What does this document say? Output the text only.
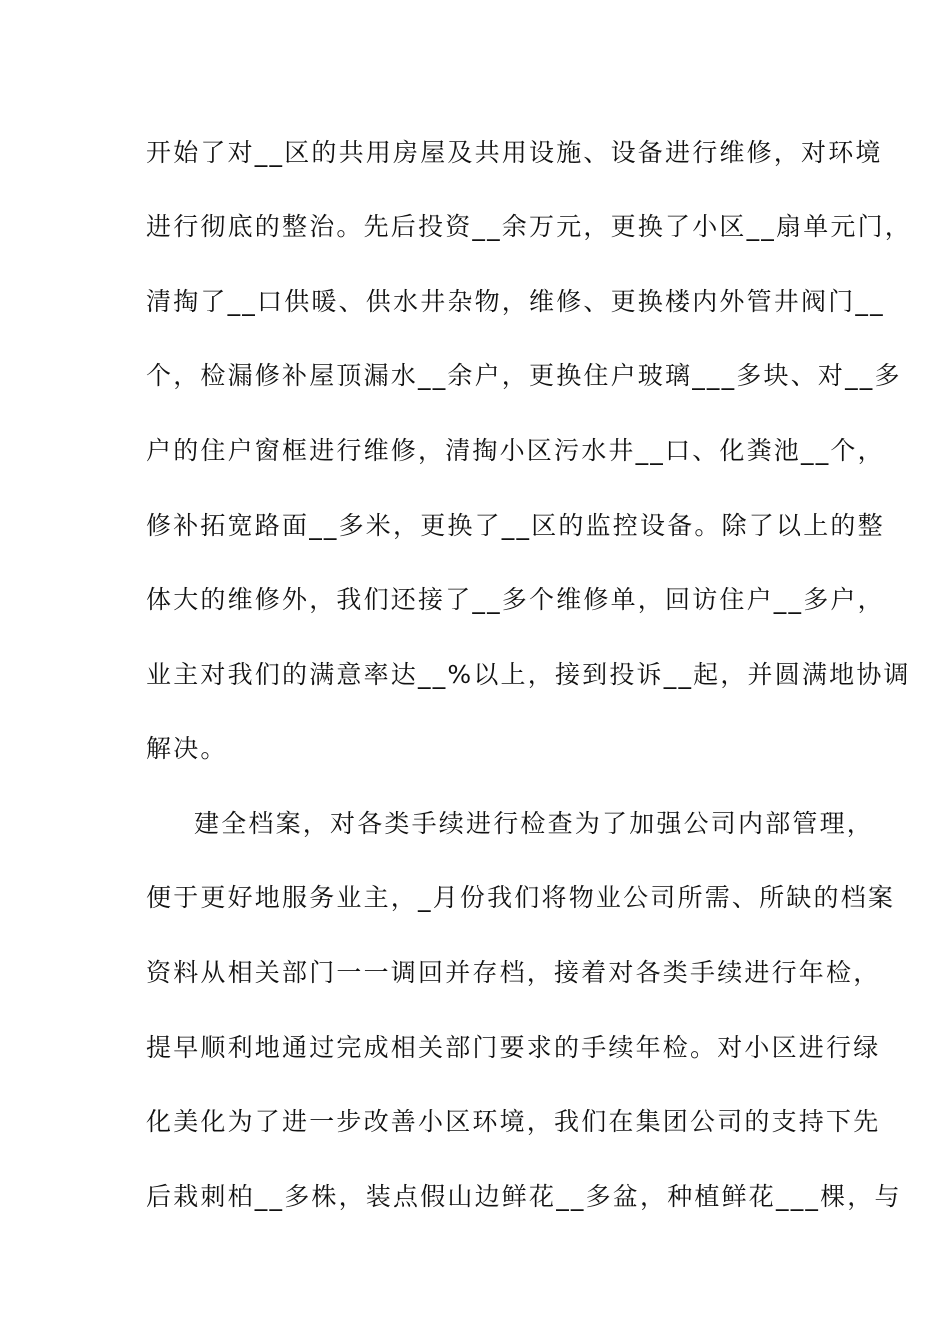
开始了对__区的共用房屋及共用设施、设备进行维修，对环境
进行彻底的整治。先后投资__余万元，更换了小区__扇单元门，
清掏了__口供暖、供水井杂物，维修、更换楼内外管井阀门__
个，检漏修补屋顶漏水__余户，更换住户玻璃___多块、对__多
户的住户窗框进行维修，清掏小区污水井__口、化粪池__个，
修补拓宽路面__多米，更换了__区的监控设备。除了以上的整
体大的维修外，我们还接了__多个维修单，回访住户__多户，
业主对我们的满意率达__%以上，接到投诉__起，并圆满地协调
解决。
建全档案，对各类手续进行检查为了加强公司内部管理，
便于更好地服务业主，_月份我们将物业公司所需、所缺的档案
资料从相关部门一一调回并存档，接着对各类手续进行年检，
提早顺利地通过完成相关部门要求的手续年检。对小区进行绿
化美化为了进一步改善小区环境，我们在集团公司的支持下先
后栽刺柏__多株，装点假山边鲜花__多盆，种植鲜花___棵，与
